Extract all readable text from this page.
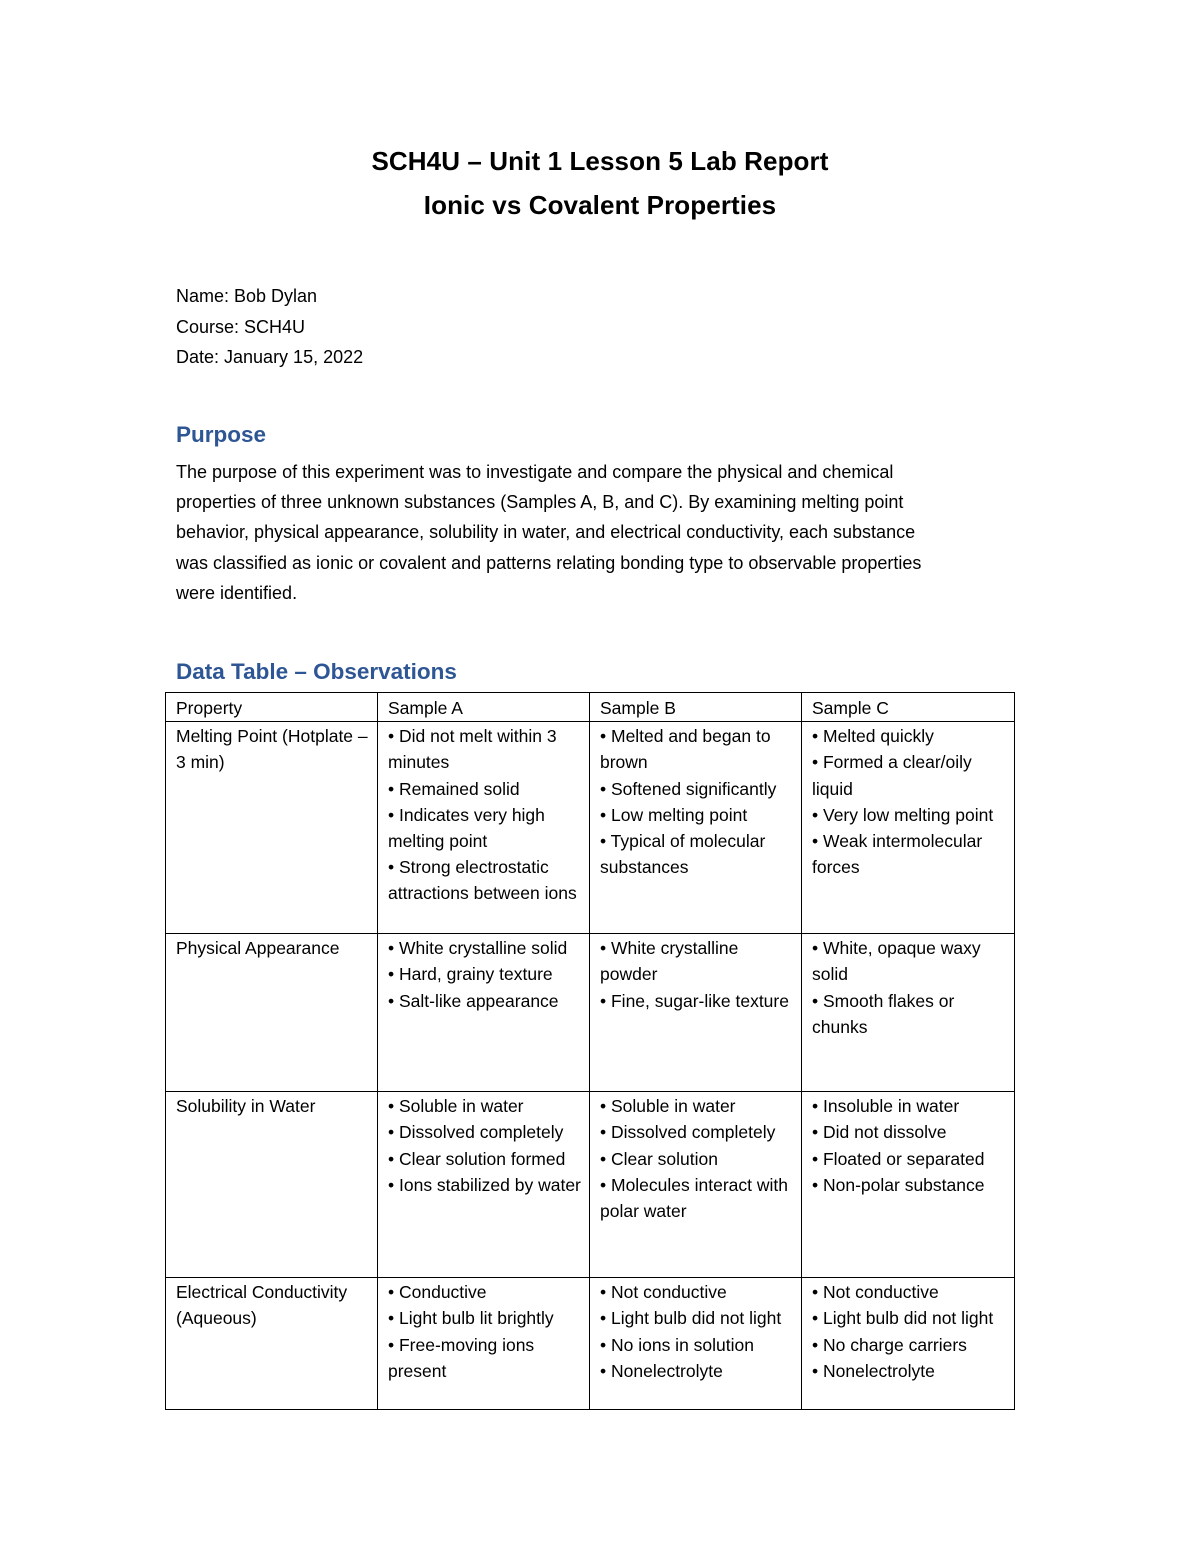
SCH4U – Unit 1 Lesson 5 Lab Report
Ionic vs Covalent Properties
Name: Bob Dylan
Course: SCH4U
Date: January 15, 2022
Purpose
The purpose of this experiment was to investigate and compare the physical and chemical
properties of three unknown substances (Samples A, B, and C). By examining melting point
behavior, physical appearance, solubility in water, and electrical conductivity, each substance
was classified as ionic or covalent and patterns relating bonding type to observable properties
were identified.
Data Table – Observations
Property	Sample A	Sample B	Sample C
Melting Point (Hotplate – 3 min)	• Did not melt within 3 minutes
• Remained solid
• Indicates very high melting point
• Strong electrostatic attractions between ions	• Melted and began to brown
• Softened significantly
• Low melting point
• Typical of molecular substances	• Melted quickly
• Formed a clear/oily liquid
• Very low melting point
• Weak intermolecular forces

Physical Appearance	• White crystalline solid
• Hard, grainy texture
• Salt-like appearance	• White crystalline powder
• Fine, sugar-like texture	• White, opaque waxy solid
• Smooth flakes or chunks

Solubility in Water	• Soluble in water
• Dissolved completely
• Clear solution formed
• Ions stabilized by water	• Soluble in water
• Dissolved completely
• Clear solution
• Molecules interact with polar water	• Insoluble in water
• Did not dissolve
• Floated or separated
• Non-polar substance

Electrical Conductivity (Aqueous)	• Conductive
• Light bulb lit brightly
• Free-moving ions present	• Not conductive
• Light bulb did not light
• No ions in solution
• Nonelectrolyte	• Not conductive
• Light bulb did not light
• No charge carriers
• Nonelectrolyte
